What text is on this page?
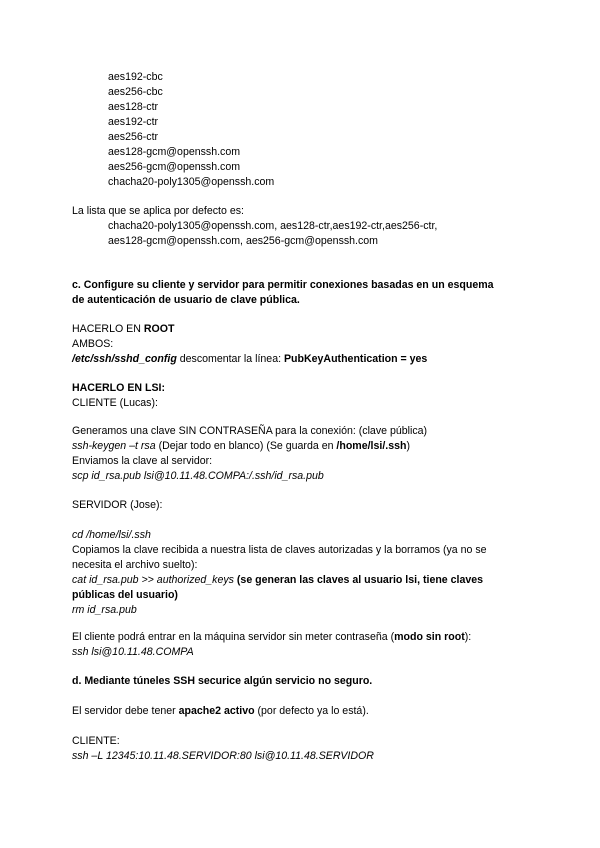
aes192-cbc
aes256-cbc
aes128-ctr
aes192-ctr
aes256-ctr
aes128-gcm@openssh.com
aes256-gcm@openssh.com
chacha20-poly1305@openssh.com
La lista que se aplica por defecto es:
chacha20-poly1305@openssh.com, aes128-ctr,aes192-ctr,aes256-ctr,
aes128-gcm@openssh.com, aes256-gcm@openssh.com
c. Configure su cliente y servidor para permitir conexiones basadas en un esquema
de autenticación de usuario de clave pública.
HACERLO EN ROOT
AMBOS:
/etc/ssh/sshd_config descomentar la línea: PubKeyAuthentication = yes
HACERLO EN LSI:
CLIENTE (Lucas):
Generamos una clave SIN CONTRASEÑA para la conexión: (clave pública)
ssh-keygen –t rsa (Dejar todo en blanco) (Se guarda en /home/lsi/.ssh)
Enviamos la clave al servidor:
scp id_rsa.pub lsi@10.11.48.COMPA:/.ssh/id_rsa.pub
SERVIDOR (Jose):
cd /home/lsi/.ssh
Copiamos la clave recibida a nuestra lista de claves autorizadas y la borramos (ya no se
necesita el archivo suelto):
cat id_rsa.pub >> authorized_keys (se generan las claves al usuario lsi, tiene claves
públicas del usuario)
rm id_rsa.pub
El cliente podrá entrar en la máquina servidor sin meter contraseña (modo sin root):
ssh lsi@10.11.48.COMPA
d. Mediante túneles SSH securice algún servicio no seguro.
El servidor debe tener apache2 activo (por defecto ya lo está).
CLIENTE:
ssh –L 12345:10.11.48.SERVIDOR:80 lsi@10.11.48.SERVIDOR
